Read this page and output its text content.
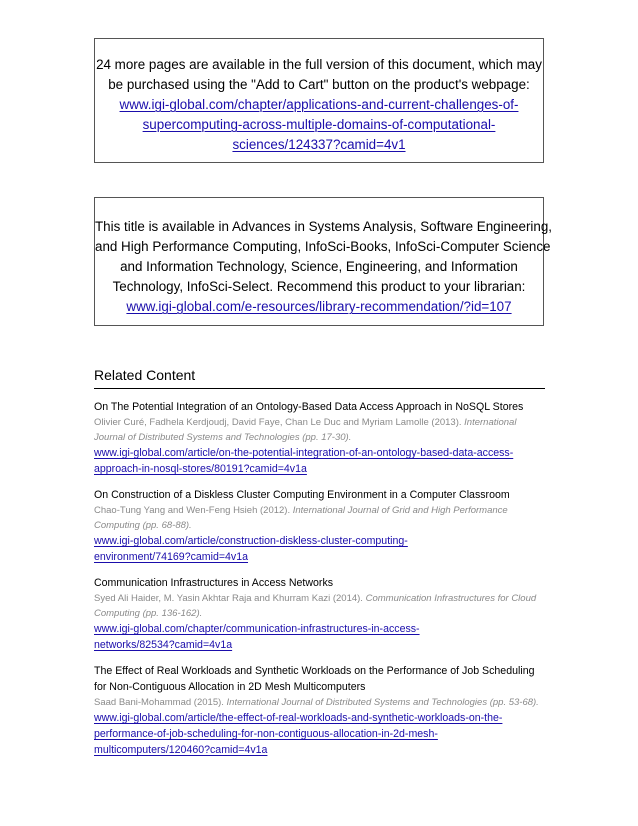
24 more pages are available in the full version of this document, which may
be purchased using the "Add to Cart" button on the product's webpage:
www.igi-global.com/chapter/applications-and-current-challenges-of-
supercomputing-across-multiple-domains-of-computational-
sciences/124337?camid=4v1
This title is available in Advances in Systems Analysis, Software Engineering,
and High Performance Computing, InfoSci-Books, InfoSci-Computer Science
and Information Technology, Science, Engineering, and Information
Technology, InfoSci-Select. Recommend this product to your librarian:
www.igi-global.com/e-resources/library-recommendation/?id=107
Related Content
On The Potential Integration of an Ontology-Based Data Access Approach in NoSQL Stores
Olivier Curé, Fadhela Kerdjoudj, David Faye, Chan Le Duc and Myriam Lamolle (2013). International
Journal of Distributed Systems and Technologies (pp. 17-30).
www.igi-global.com/article/on-the-potential-integration-of-an-ontology-based-data-access-
approach-in-nosql-stores/80191?camid=4v1a
On Construction of a Diskless Cluster Computing Environment in a Computer Classroom
Chao-Tung Yang and Wen-Feng Hsieh (2012). International Journal of Grid and High Performance
Computing (pp. 68-88).
www.igi-global.com/article/construction-diskless-cluster-computing-
environment/74169?camid=4v1a
Communication Infrastructures in Access Networks
Syed Ali Haider, M. Yasin Akhtar Raja and Khurram Kazi (2014). Communication Infrastructures for Cloud
Computing (pp. 136-162).
www.igi-global.com/chapter/communication-infrastructures-in-access-
networks/82534?camid=4v1a
The Effect of Real Workloads and Synthetic Workloads on the Performance of Job Scheduling
for Non-Contiguous Allocation in 2D Mesh Multicomputers
Saad Bani-Mohammad (2015). International Journal of Distributed Systems and Technologies (pp. 53-68).
www.igi-global.com/article/the-effect-of-real-workloads-and-synthetic-workloads-on-the-
performance-of-job-scheduling-for-non-contiguous-allocation-in-2d-mesh-
multicomputers/120460?camid=4v1a
